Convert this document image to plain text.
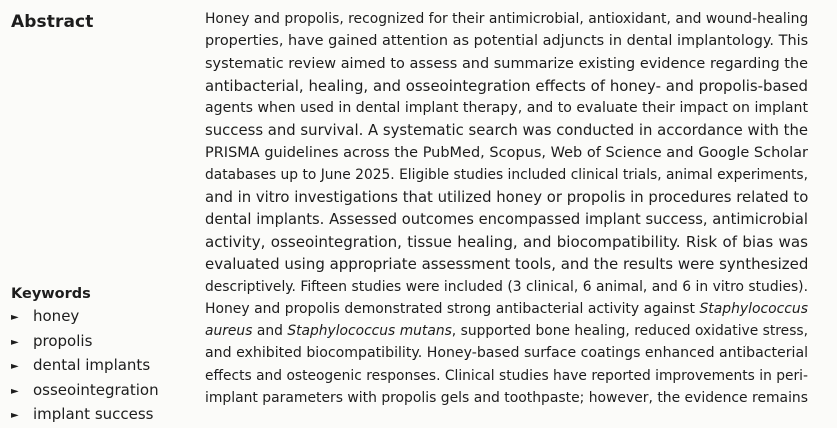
Abstract
Keywords
► honey
► propolis
► dental implants
► osseointegration
► implant success
Honey and propolis, recognized for their antimicrobial, antioxidant, and wound-healing
properties, have gained attention as potential adjuncts in dental implantology. This
systematic review aimed to assess and summarize existing evidence regarding the
antibacterial, healing, and osseointegration effects of honey- and propolis-based
agents when used in dental implant therapy, and to evaluate their impact on implant
success and survival. A systematic search was conducted in accordance with the
PRISMA guidelines across the PubMed, Scopus, Web of Science and Google Scholar
databases up to June 2025. Eligible studies included clinical trials, animal experiments,
and in vitro investigations that utilized honey or propolis in procedures related to
dental implants. Assessed outcomes encompassed implant success, antimicrobial
activity, osseointegration, tissue healing, and biocompatibility. Risk of bias was
evaluated using appropriate assessment tools, and the results were synthesized
descriptively. Fifteen studies were included (3 clinical, 6 animal, and 6 in vitro studies).
Honey and propolis demonstrated strong antibacterial activity against Staphylococcus
aureus and Staphylococcus mutans, supported bone healing, reduced oxidative stress,
and exhibited biocompatibility. Honey-based surface coatings enhanced antibacterial
effects and osteogenic responses. Clinical studies have reported improvements in peri-
implant parameters with propolis gels and toothpaste; however, the evidence remains
